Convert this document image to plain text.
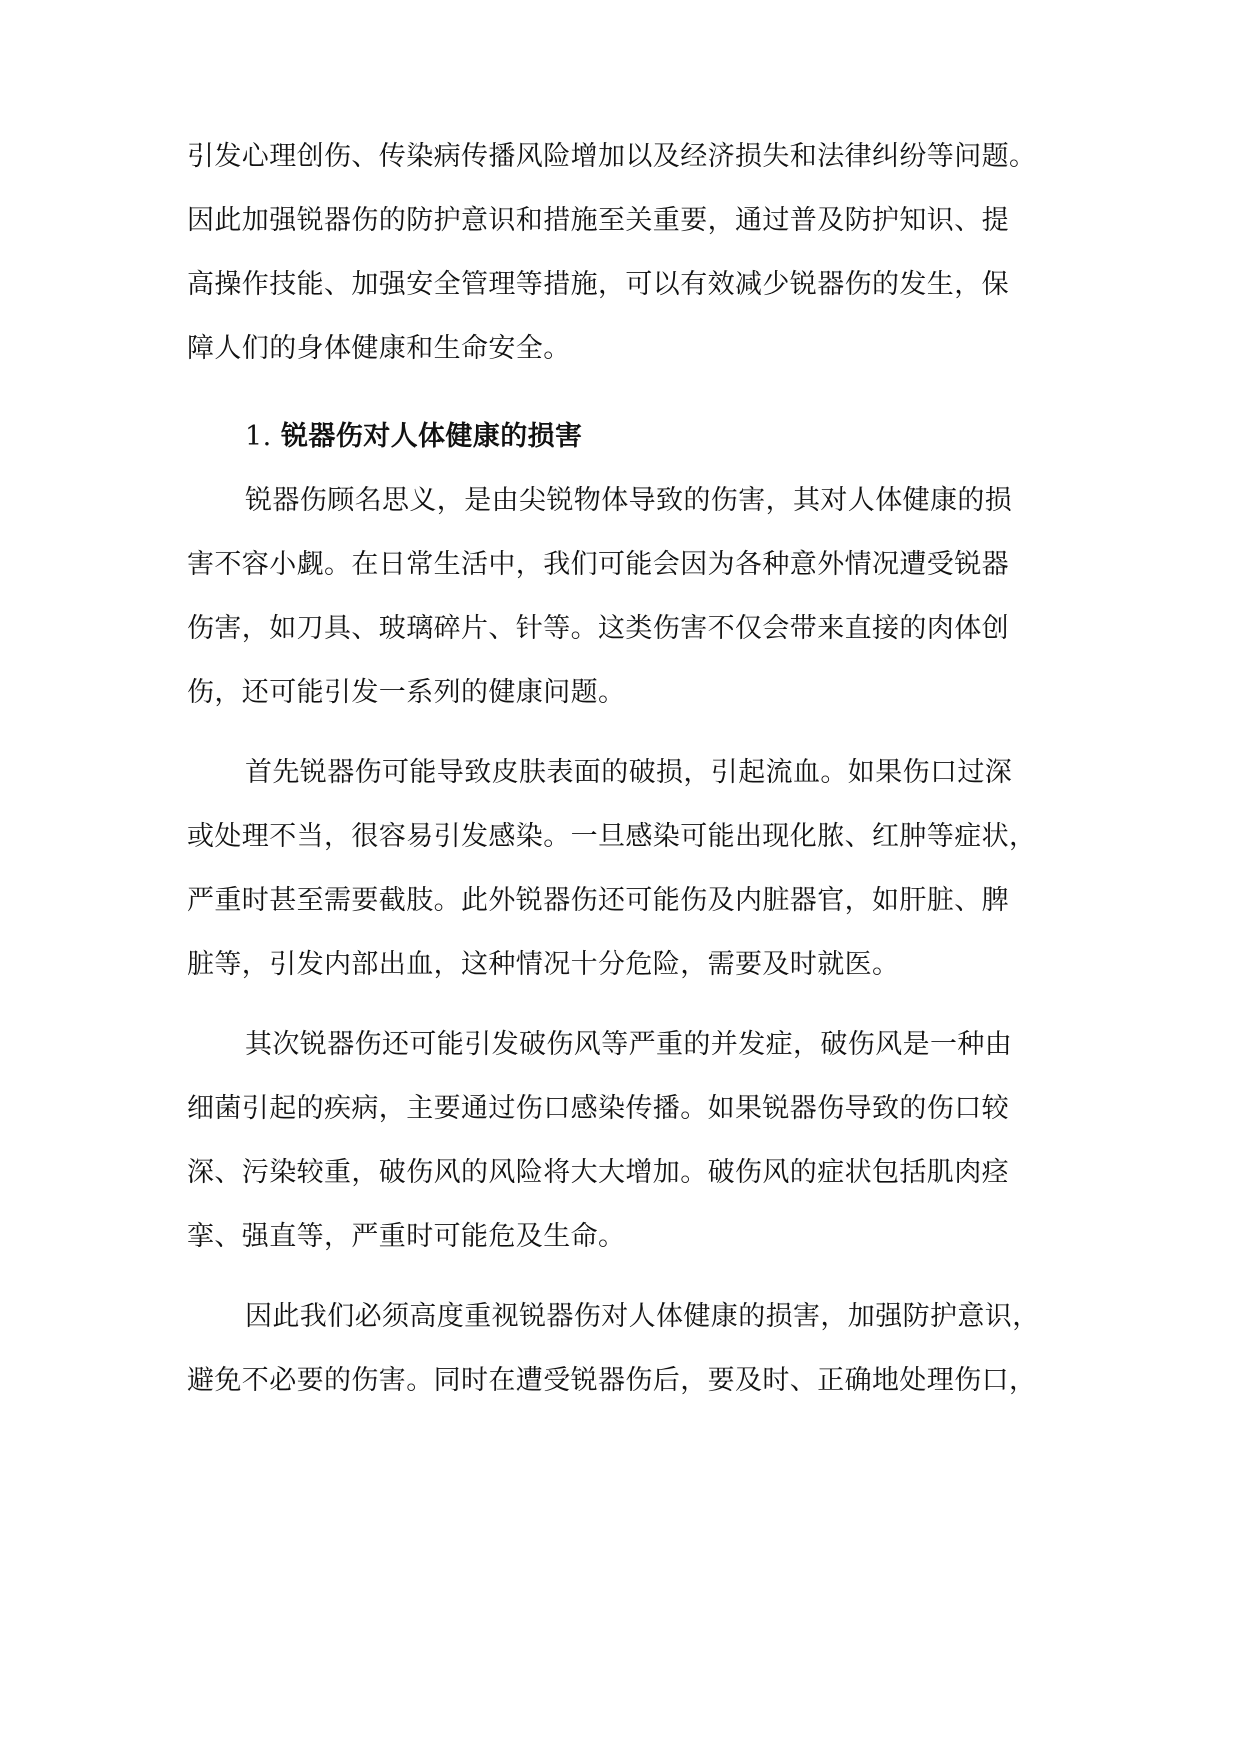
引发心理创伤、传染病传播风险增加以及经济损失和法律纠纷等问题。
因此加强锐器伤的防护意识和措施至关重要，通过普及防护知识、提
高操作技能、加强安全管理等措施，可以有效减少锐器伤的发生，保
障人们的身体健康和生命安全。
1. 锐器伤对人体健康的损害
锐器伤顾名思义，是由尖锐物体导致的伤害，其对人体健康的损
害不容小觑。在日常生活中，我们可能会因为各种意外情况遭受锐器
伤害，如刀具、玻璃碎片、针等。这类伤害不仅会带来直接的肉体创
伤，还可能引发一系列的健康问题。
首先锐器伤可能导致皮肤表面的破损，引起流血。如果伤口过深
或处理不当，很容易引发感染。一旦感染可能出现化脓、红肿等症状，
严重时甚至需要截肢。此外锐器伤还可能伤及内脏器官，如肝脏、脾
脏等，引发内部出血，这种情况十分危险，需要及时就医。
其次锐器伤还可能引发破伤风等严重的并发症，破伤风是一种由
细菌引起的疾病，主要通过伤口感染传播。如果锐器伤导致的伤口较
深、污染较重，破伤风的风险将大大增加。破伤风的症状包括肌肉痉
挛、强直等，严重时可能危及生命。
因此我们必须高度重视锐器伤对人体健康的损害，加强防护意识，
避免不必要的伤害。同时在遭受锐器伤后，要及时、正确地处理伤口，
